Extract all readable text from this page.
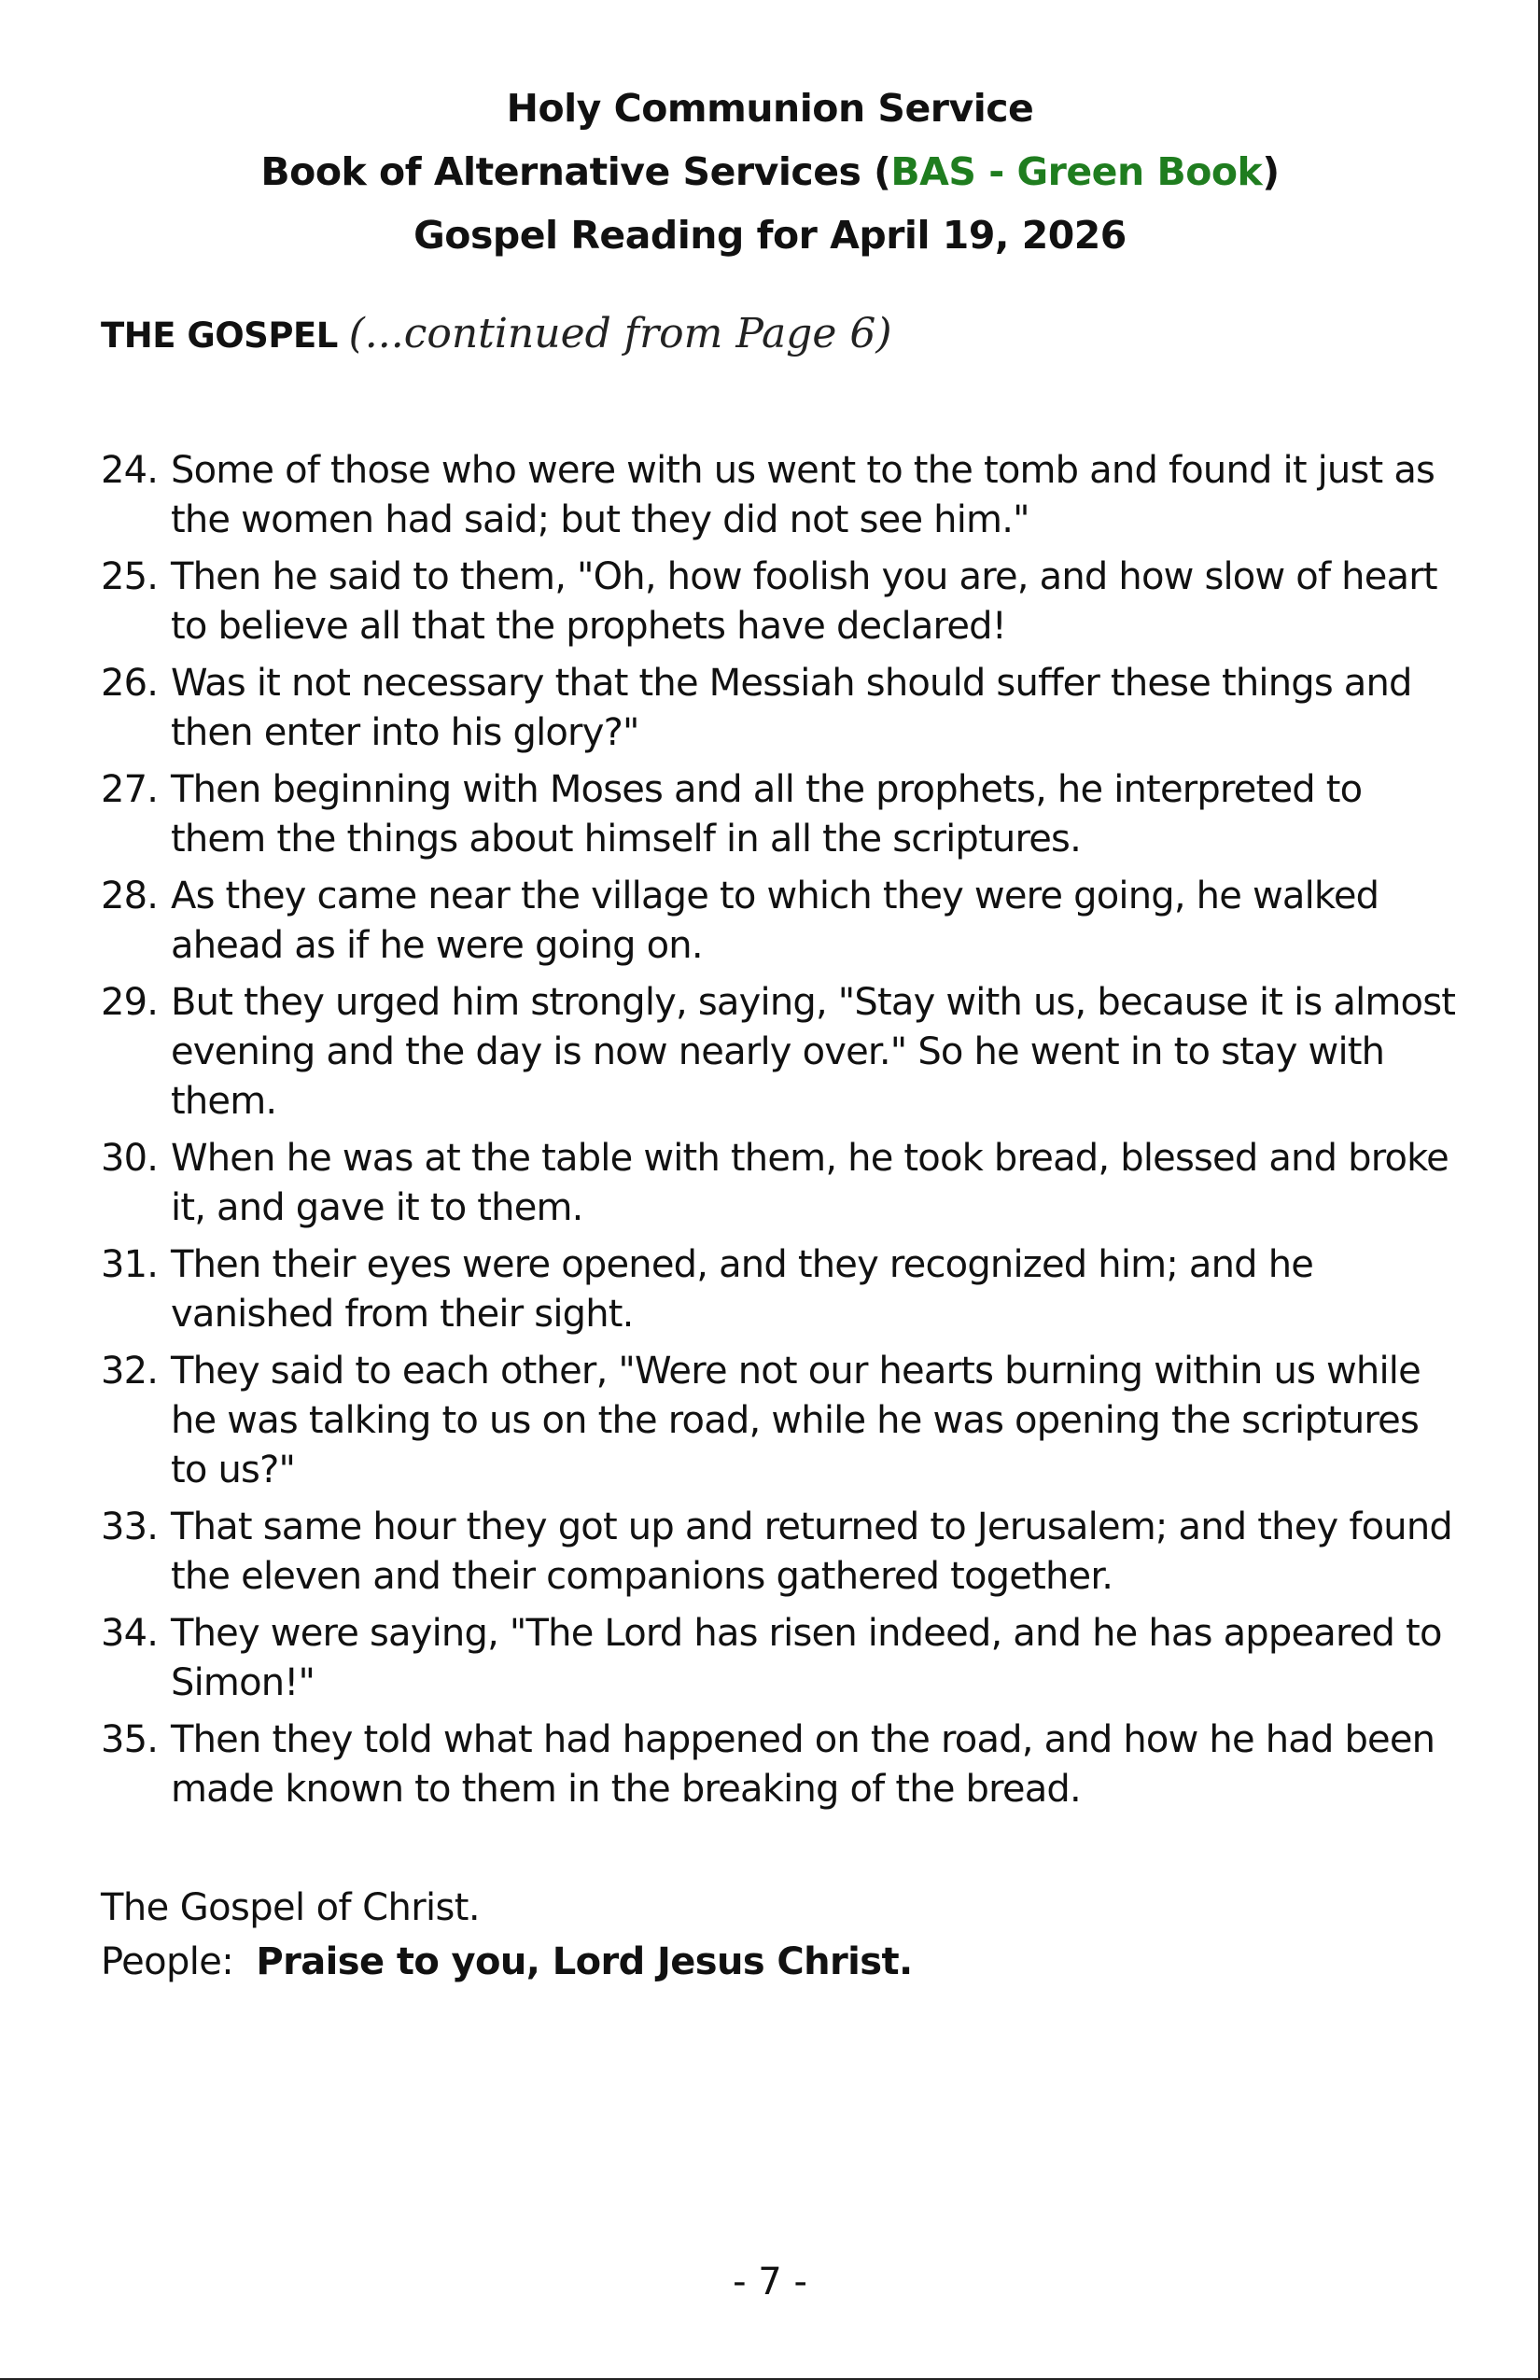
Holy Communion Service
Book of Alternative Services (BAS - Green Book)
Gospel Reading for April 19, 2026
THE GOSPEL (...continued from Page 6)
24. Some of those who were with us went to the tomb and found it just as the women had said; but they did not see him."
25. Then he said to them, "Oh, how foolish you are, and how slow of heart to believe all that the prophets have declared!
26. Was it not necessary that the Messiah should suffer these things and then enter into his glory?"
27. Then beginning with Moses and all the prophets, he interpreted to them the things about himself in all the scriptures.
28. As they came near the village to which they were going, he walked ahead as if he were going on.
29. But they urged him strongly, saying, "Stay with us, because it is almost evening and the day is now nearly over." So he went in to stay with them.
30. When he was at the table with them, he took bread, blessed and broke it, and gave it to them.
31. Then their eyes were opened, and they recognized him; and he vanished from their sight.
32. They said to each other, "Were not our hearts burning within us while he was talking to us on the road, while he was opening the scriptures to us?"
33. That same hour they got up and returned to Jerusalem; and they found the eleven and their companions gathered together.
34. They were saying, "The Lord has risen indeed, and he has appeared to Simon!"
35. Then they told what had happened on the road, and how he had been made known to them in the breaking of the bread.
The Gospel of Christ.
People: Praise to you, Lord Jesus Christ.
- 7 -
